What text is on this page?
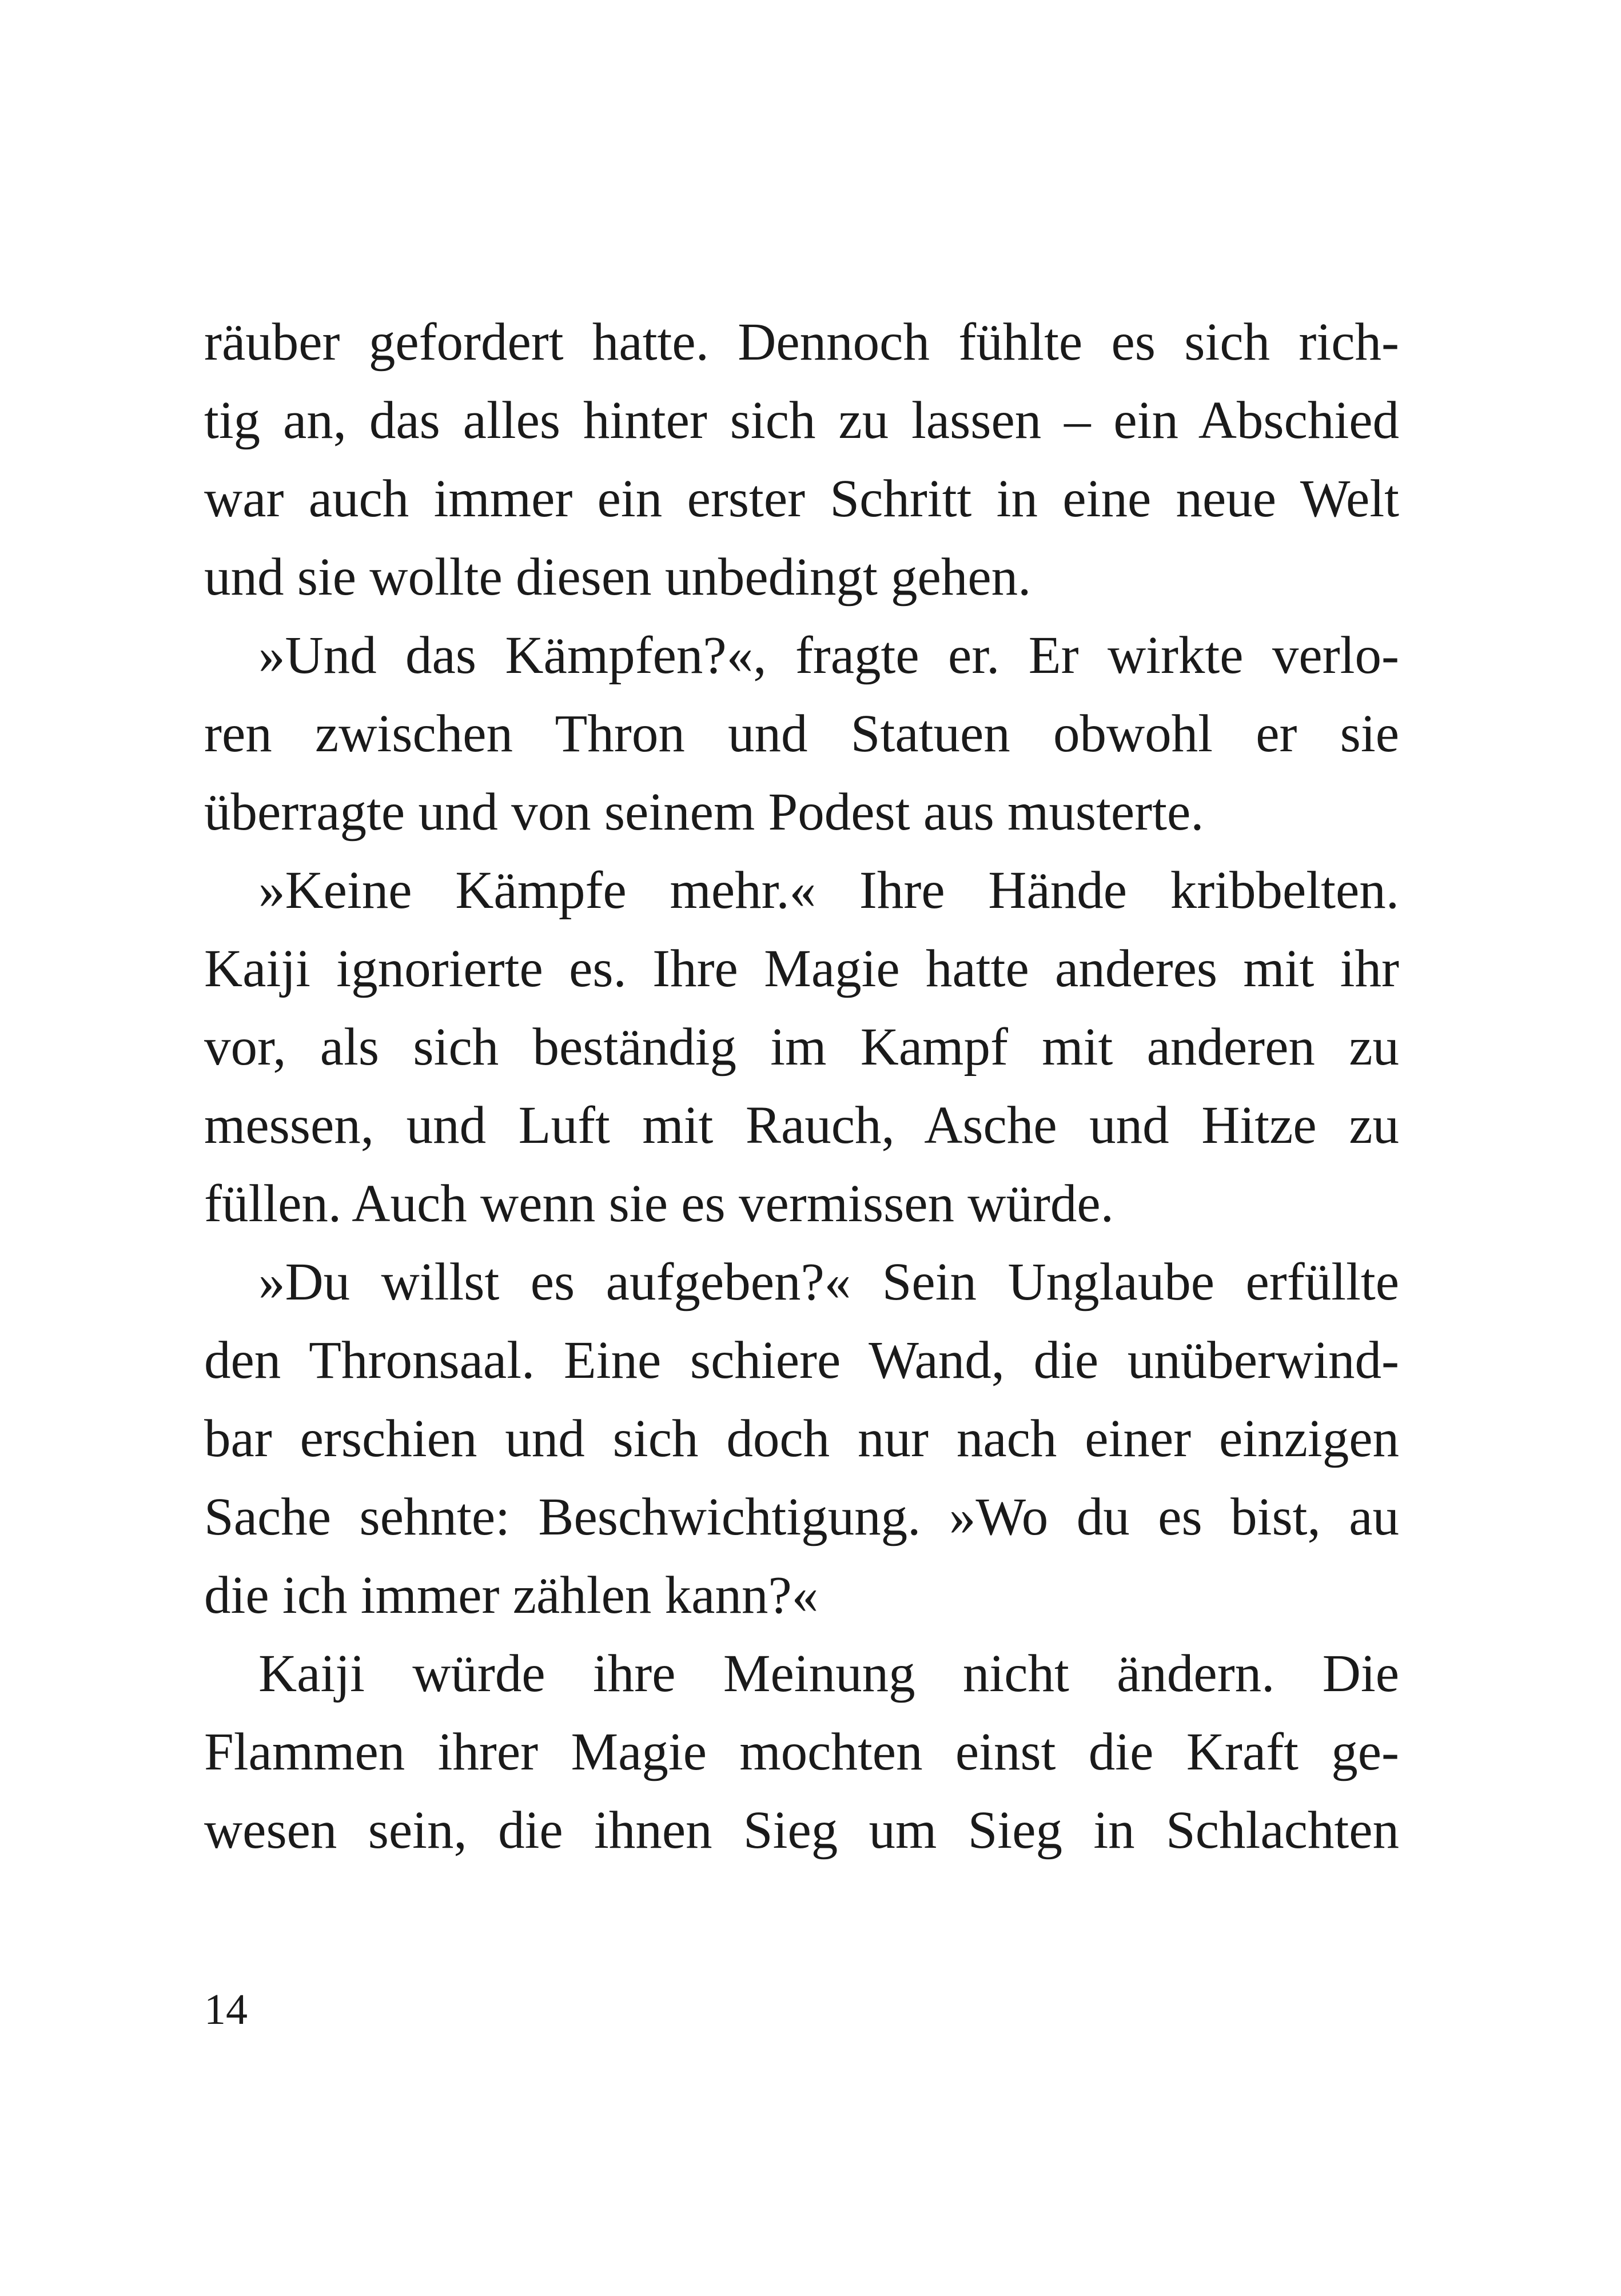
räuber gefordert hatte. Dennoch fühlte es sich rich-
tig an, das alles hinter sich zu lassen – ein Abschied
war auch immer ein erster Schritt in eine neue Welt
und sie wollte diesen unbedingt gehen.
»Und das Kämpfen?«, fragte er. Er wirkte verlo-
ren zwischen Thron und Statuen obwohl er sie
überragte und von seinem Podest aus musterte.
»Keine Kämpfe mehr.« Ihre Hände kribbelten.
Kaiji ignorierte es. Ihre Magie hatte anderes mit ihr
vor, als sich beständig im Kampf mit anderen zu
messen, und Luft mit Rauch, Asche und Hitze zu
füllen. Auch wenn sie es vermissen würde.
»Du willst es aufgeben?« Sein Unglaube erfüllte
den Thronsaal. Eine schiere Wand, die unüberwind-
bar erschien und sich doch nur nach einer einzigen
Sache sehnte: Beschwichtigung. »Wo du es bist, au
die ich immer zählen kann?«
Kaiji würde ihre Meinung nicht ändern. Die
Flammen ihrer Magie mochten einst die Kraft ge-
wesen sein, die ihnen Sieg um Sieg in Schlachten
14
